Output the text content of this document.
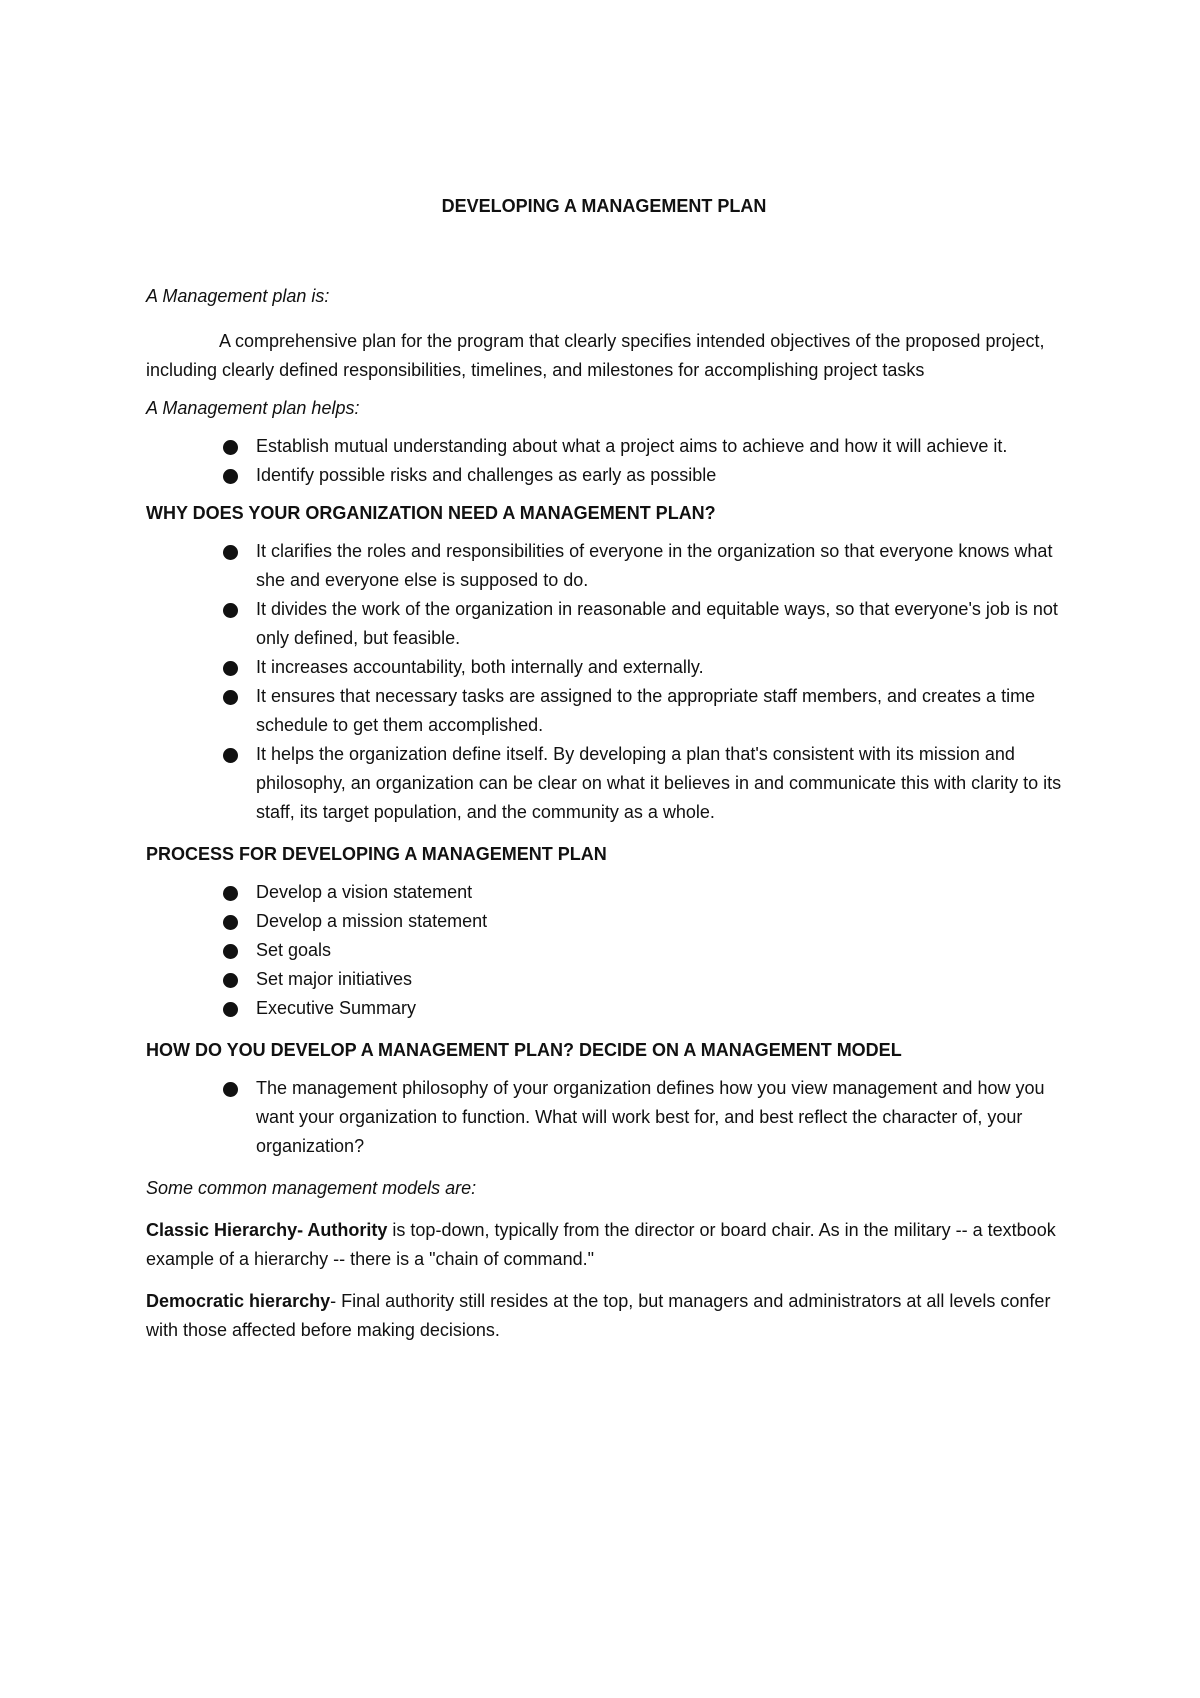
DEVELOPING A MANAGEMENT PLAN

A Management plan is:

A comprehensive plan for the program that clearly specifies intended objectives of the proposed project, including clearly defined responsibilities, timelines, and milestones for accomplishing project tasks

A Management plan helps:

Establish mutual understanding about what a project aims to achieve and how it will achieve it.
Identify possible risks and challenges as early as possible

WHY DOES YOUR ORGANIZATION NEED A MANAGEMENT PLAN?

It clarifies the roles and responsibilities of everyone in the organization so that everyone knows what she and everyone else is supposed to do.
It divides the work of the organization in reasonable and equitable ways, so that everyone's job is not only defined, but feasible.
It increases accountability, both internally and externally.
It ensures that necessary tasks are assigned to the appropriate staff members, and creates a time schedule to get them accomplished.
It helps the organization define itself. By developing a plan that's consistent with its mission and philosophy, an organization can be clear on what it believes in and communicate this with clarity to its staff, its target population, and the community as a whole.

PROCESS FOR DEVELOPING A MANAGEMENT PLAN

Develop a vision statement
Develop a mission statement
Set goals
Set major initiatives
Executive Summary

HOW DO YOU DEVELOP A MANAGEMENT PLAN? DECIDE ON A MANAGEMENT MODEL

The management philosophy of your organization defines how you view management and how you want your organization to function. What will work best for, and best reflect the character of, your organization?

Some common management models are:

Classic Hierarchy- Authority is top-down, typically from the director or board chair. As in the military -- a textbook example of a hierarchy -- there is a "chain of command."

Democratic hierarchy- Final authority still resides at the top, but managers and administrators at all levels confer with those affected before making decisions.
